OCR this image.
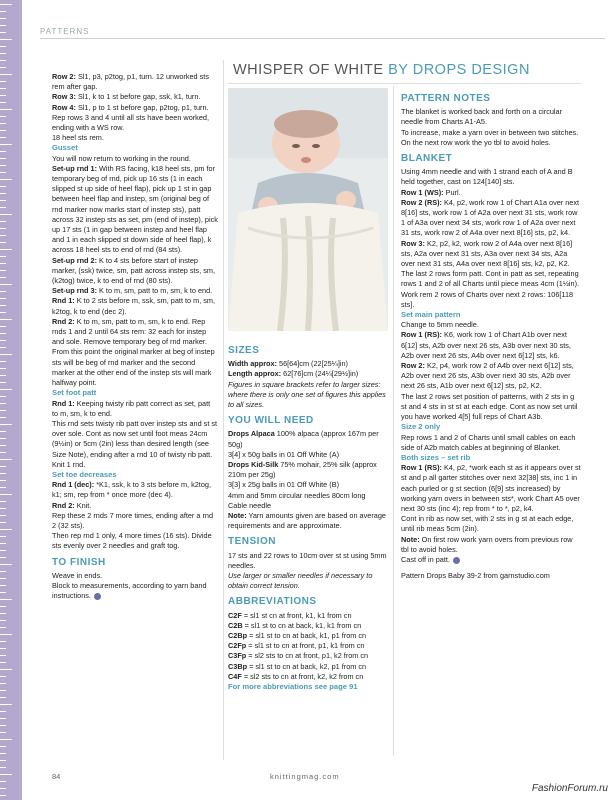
PATTERNS
WHISPER OF WHITE BY DROPS DESIGN

Row 2: Sl1, p3, p2tog, p1, turn. 12 unworked sts rem after gap.

Row 3: Sl1, k to 1 st before gap, ssk, k1, turn.

Row 4: Sl1, p to 1 st before gap, p2tog, p1, turn.

Rep rows 3 and 4 until all sts have been worked, ending with a WS row.

18 heel sts rem.

Gusset

You will now return to working in the round.

Set-up rnd 1: With RS facing, k18 heel sts, pm for temporary beg of rnd, pick up 16 sts (1 in each slipped st up side of heel flap), pick up 1 st in gap between heel flap and instep, sm (original beg of rnd marker now marks start of instep sts), patt across 32 instep sts as set, pm (end of instep), pick up 17 sts (1 in gap between instep and heel flap and 1 in each slipped st down side of heel flap), k across 18 heel sts to end of rnd (84 sts).

Set-up rnd 2: K to 4 sts before start of instep marker, (ssk) twice, sm, patt across instep sts, sm, (k2tog) twice, k to end of rnd (80 sts).

Set-up rnd 3: K to m, sm, patt to m, sm, k to end.

Rnd 1: K to 2 sts before m, ssk, sm, patt to m, sm, k2tog, k to end (dec 2).

Rnd 2: K to m, sm, patt to m, sm, k to end. Rep rnds 1 and 2 until 64 sts rem: 32 each for instep and sole. Remove temporary beg of rnd marker. From this point the original marker at beg of instep sts will be beg of rnd marker and the second marker at the other end of the instep sts will mark halfway point.

Set foot patt

Rnd 1: Keeping twisty rib patt correct as set, patt to m, sm, k to end.

This rnd sets twisty rib patt over instep sts and st st over sole. Cont as now set until foot meas 24cm (9½in) or 5cm (2in) less than desired length (see Size Note), ending after a rnd 10 of twisty rib patt. Knit 1 rnd.

Set toe decreases

Rnd 1 (dec): *K1, ssk, k to 3 sts before m, k2tog, k1; sm, rep from * once more (dec 4).

Rnd 2: Knit.

Rep these 2 rnds 7 more times, ending after a rnd 2 (32 sts).

Then rep rnd 1 only, 4 more times (16 sts). Divide sts evenly over 2 needles and graft tog.

TO FINISH

Weave in ends.

Block to measurements, according to yarn band instructions.

SIZES

Width approx: 56[64]cm (22[25¼]in)

Length approx: 62[76]cm (24¼[29½]in)

Figures in square brackets refer to larger sizes: where there is only one set of figures this applies to all sizes.

YOU WILL NEED

Drops Alpaca 100% alpaca (approx 167m per 50g)

3[4] x 50g balls in 01 Off White (A)

Drops Kid-Silk 75% mohair, 25% silk (approx 210m per 25g)

3[3] x 25g balls in 01 Off White (B)

4mm and 5mm circular needles 80cm long

Cable needle

Note: Yarn amounts given are based on average requirements and are approximate.

TENSION

17 sts and 22 rows to 10cm over st st using 5mm needles.

Use larger or smaller needles if necessary to obtain correct tension.

ABBREVIATIONS

C2F = sl1 st cn at front, k1, k1 from cn

C2B = sl1 st to cn at back, k1, k1 from cn

C2Bp = sl1 st to cn at back, k1, p1 from cn

C2Fp = sl1 st to cn at front, p1, k1 from cn

C3Fp = sl2 sts to cn at front, p1, k2 from cn

C3Bp = sl1 st to cn at back, k2, p1 from cn

C4F = sl2 sts to cn at front, k2, k2 from cn

For more abbreviations see page 91

PATTERN NOTES

The blanket is worked back and forth on a circular needle from Charts A1-A5.

To increase, make a yarn over in between two stitches. On the next row work the yo tbl to avoid holes.

BLANKET

Using 4mm needle and with 1 strand each of A and B held together, cast on 124[140] sts.

Row 1 (WS): Purl.

Row 2 (RS): K4, p2, work row 1 of Chart A1a over next 8[16] sts, work row 1 of A2a over next 31 sts, work row 1 of A3a over next 34 sts, work row 1 of A2a over next 31 sts, work row 2 of A4a over next 8[16] sts, p2, k4.

Row 3: K2, p2, k2, work row 2 of A4a over next 8[16] sts, A2a over next 31 sts, A3a over next 34 sts, A2a over next 31 sts, A4a over next 8[16] sts, k2, p2, K2.

The last 2 rows form patt. Cont in patt as set, repeating rows 1 and 2 of all Charts until piece meas 4cm (1½in).

Work rem 2 rows of Charts over next 2 rows: 106[118 sts].

Set main pattern

Change to 5mm needle.

Row 1 (RS): K6, work row 1 of Chart A1b over next 6[12] sts, A2b over next 26 sts, A3b over next 30 sts, A2b over next 26 sts, A4b over next 6[12] sts, k6.

Row 2: K2, p4, work row 2 of A4b over next 6[12] sts, A2b over next 26 sts, A3b over next 30 sts, A2b over next 26 sts, A1b over next 6[12] sts, p2, K2.

The last 2 rows set position of patterns, with 2 sts in g st and 4 sts in st st at each edge. Cont as now set until you have worked 4[5] full reps of Chart A3b.

Size 2 only

Rep rows 1 and 2 of Charts until small cables on each side of A2b match cables at beginning of Blanket.

Both sizes – set rib

Row 1 (RS): K4, p2, *work each st as it appears over st st and p all garter stitches over next 32[38] sts, inc 1 in each purled or g st section (6[9] sts increased) by working yarn overs in between sts*, work Chart A5 over next 30 sts (inc 4); rep from * to *, p2, k4.

Cont in rib as now set, with 2 sts in g st at each edge, until rib meas 5cm (2in).

Note: On first row work yarn overs from previous row tbl to avoid holes.

Cast off in patt.

Pattern Drops Baby 39-2 from garnstudio.com

84	knittingmag.com
FashionForum.ru
